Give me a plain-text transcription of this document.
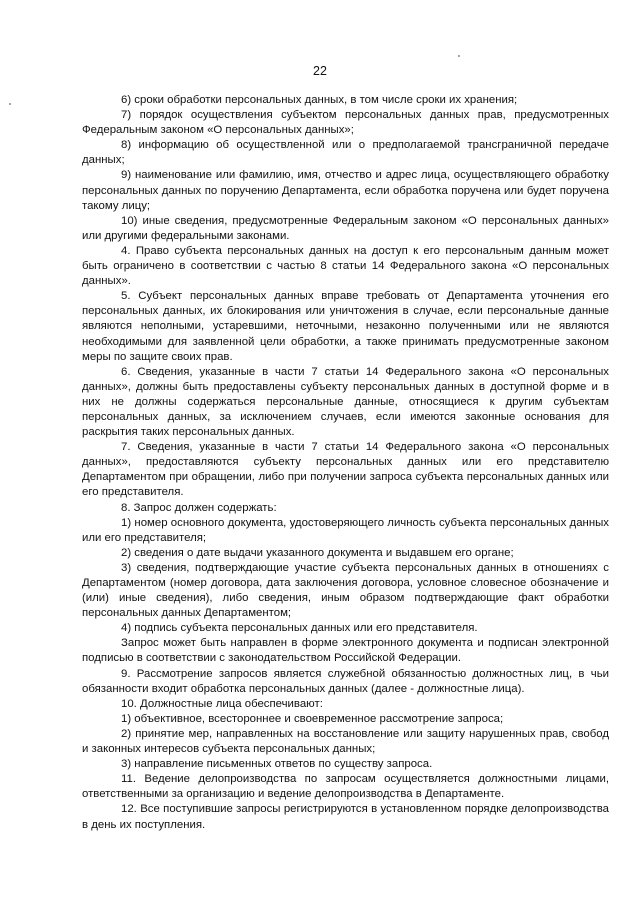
22

6) сроки обработки персональных данных, в том числе сроки их хранения;

7) порядок осуществления субъектом персональных данных прав, предусмотренных Федеральным законом «О персональных данных»;

8) информацию об осуществленной или о предполагаемой трансграничной передаче данных;

9) наименование или фамилию, имя, отчество и адрес лица, осуществляющего обработку персональных данных по поручению Департамента, если обработка поручена или будет поручена такому лицу;

10) иные сведения, предусмотренные Федеральным законом «О персональных данных» или другими федеральными законами.

4. Право субъекта персональных данных на доступ к его персональным данным может быть ограничено в соответствии с частью 8 статьи 14 Федерального закона «О персональных данных».

5. Субъект персональных данных вправе требовать от Департамента уточнения его персональных данных, их блокирования или уничтожения в случае, если персональные данные являются неполными, устаревшими, неточными, незаконно полученными или не являются необходимыми для заявленной цели обработки, а также принимать предусмотренные законом меры по защите своих прав.

6. Сведения, указанные в части 7 статьи 14 Федерального закона «О персональных данных», должны быть предоставлены субъекту персональных данных в доступной форме и в них не должны содержаться персональные данные, относящиеся к другим субъектам персональных данных, за исключением случаев, если имеются законные основания для раскрытия таких персональных данных.

7. Сведения, указанные в части 7 статьи 14 Федерального закона «О персональных данных», предоставляются субъекту персональных данных или его представителю Департаментом при обращении, либо при получении запроса субъекта персональных данных или его представителя.

8. Запрос должен содержать:

1) номер основного документа, удостоверяющего личность субъекта персональных данных или его представителя;

2) сведения о дате выдачи указанного документа и выдавшем его органе;

3) сведения, подтверждающие участие субъекта персональных данных в отношениях с Департаментом (номер договора, дата заключения договора, условное словесное обозначение и (или) иные сведения), либо сведения, иным образом подтверждающие факт обработки персональных данных Департаментом;

4) подпись субъекта персональных данных или его представителя.

Запрос может быть направлен в форме электронного документа и подписан электронной подписью в соответствии с законодательством Российской Федерации.

9. Рассмотрение запросов является служебной обязанностью должностных лиц, в чьи обязанности входит обработка персональных данных (далее - должностные лица).

10. Должностные лица обеспечивают:

1) объективное, всестороннее и своевременное рассмотрение запроса;

2) принятие мер, направленных на восстановление или защиту нарушенных прав, свобод и законных интересов субъекта персональных данных;

3) направление письменных ответов по существу запроса.

11. Ведение делопроизводства по запросам осуществляется должностными лицами, ответственными за организацию и ведение делопроизводства в Департаменте.

12. Все поступившие запросы регистрируются в установленном порядке делопроизводства в день их поступления.
